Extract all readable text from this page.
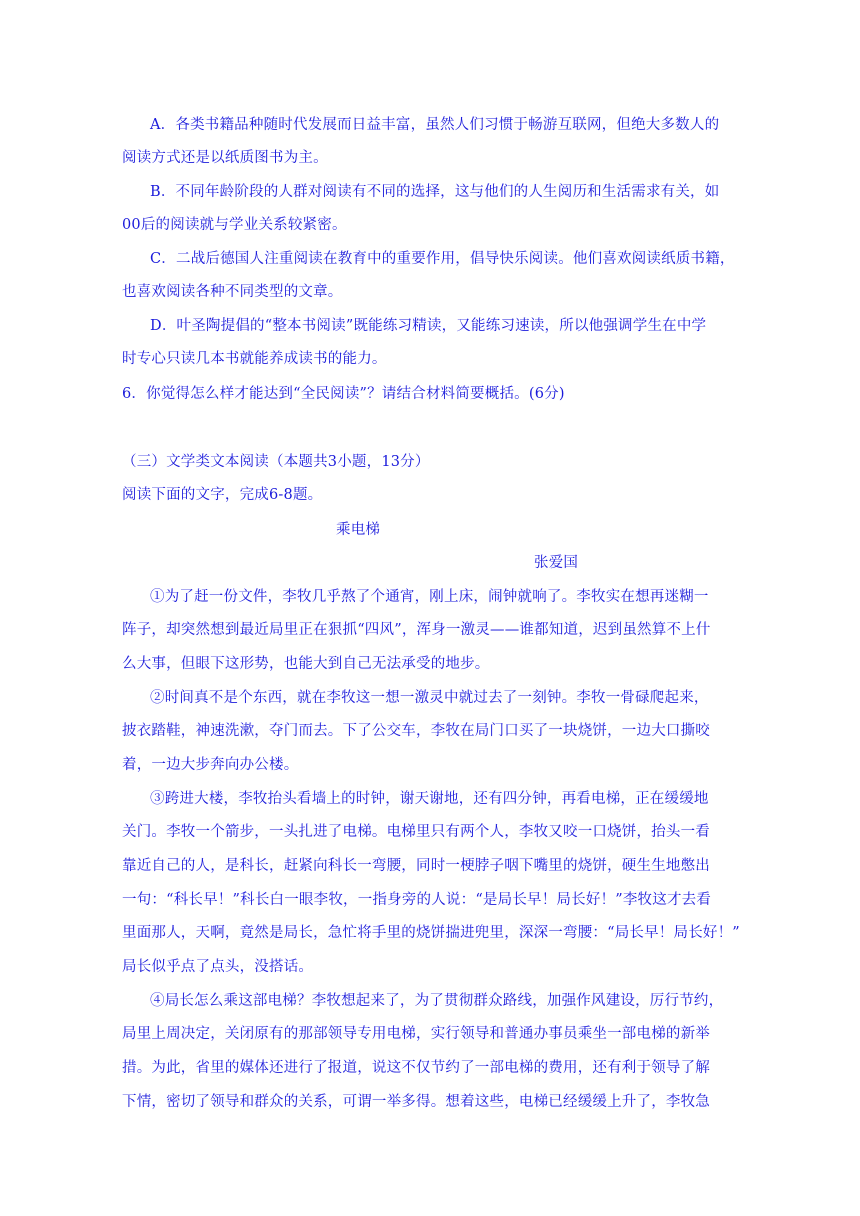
A．各类书籍品种随时代发展而日益丰富，虽然人们习惯于畅游互联网，但绝大多数人的
阅读方式还是以纸质图书为主。
B．不同年龄阶段的人群对阅读有不同的选择，这与他们的人生阅历和生活需求有关，如
00后的阅读就与学业关系较紧密。
C．二战后德国人注重阅读在教育中的重要作用，倡导快乐阅读。他们喜欢阅读纸质书籍，
也喜欢阅读各种不同类型的文章。
D．叶圣陶提倡的“整本书阅读”既能练习精读，又能练习速读，所以他强调学生在中学
时专心只读几本书就能养成读书的能力。
6．你觉得怎么样才能达到“全民阅读”？请结合材料简要概括。(6分)
（三）文学类文本阅读（本题共3小题，13分）
阅读下面的文字，完成6-8题。
乘电梯
张爱国
①为了赶一份文件，李牧几乎熬了个通宵，刚上床，闹钟就响了。李牧实在想再迷糊一
阵子，却突然想到最近局里正在狠抓“四风”，浑身一激灵——谁都知道，迟到虽然算不上什
么大事，但眼下这形势，也能大到自己无法承受的地步。
②时间真不是个东西，就在李牧这一想一激灵中就过去了一刻钟。李牧一骨碌爬起来，
披衣踏鞋，神速洗漱，夺门而去。下了公交车，李牧在局门口买了一块烧饼，一边大口撕咬
着，一边大步奔向办公楼。
③跨进大楼，李牧抬头看墙上的时钟，谢天谢地，还有四分钟，再看电梯，正在缓缓地
关门。李牧一个箭步，一头扎进了电梯。电梯里只有两个人，李牧又咬一口烧饼，抬头一看
靠近自己的人，是科长，赶紧向科长一弯腰，同时一梗脖子咽下嘴里的烧饼，硬生生地憋出
一句：“科长早！”科长白一眼李牧，一指身旁的人说：“是局长早！局长好！”李牧这才去看
里面那人，天啊，竟然是局长，急忙将手里的烧饼揣进兜里，深深一弯腰：“局长早！局长好！”
局长似乎点了点头，没搭话。
④局长怎么乘这部电梯？李牧想起来了，为了贯彻群众路线，加强作风建设，厉行节约，
局里上周决定，关闭原有的那部领导专用电梯，实行领导和普通办事员乘坐一部电梯的新举
措。为此，省里的媒体还进行了报道，说这不仅节约了一部电梯的费用，还有利于领导了解
下情，密切了领导和群众的关系，可谓一举多得。想着这些，电梯已经缓缓上升了，李牧急
